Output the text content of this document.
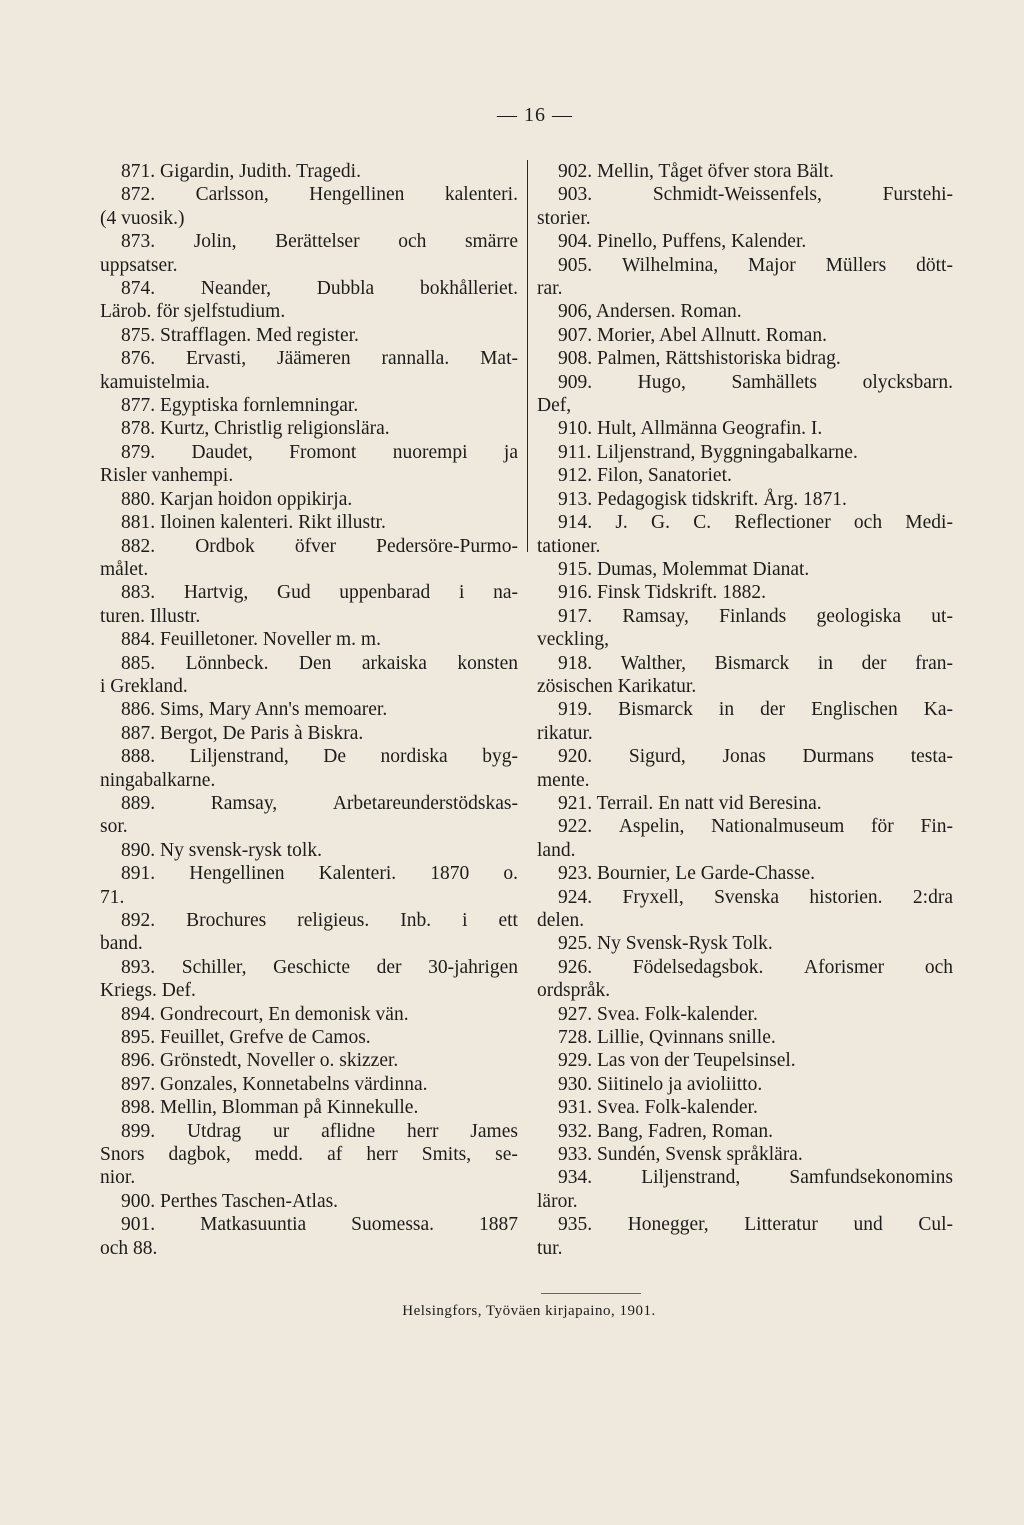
— 16 —
871. Gigardin, Judith. Tragedi.
872. Carlsson, Hengellinen kalenteri.
(4 vuosik.)
873. Jolin, Berättelser och smärre
uppsatser.
874. Neander, Dubbla bokhålleriet.
Lärob. för sjelfstudium.
875. Strafflagen. Med register.
876. Ervasti, Jäämeren rannalla. Mat-
kamuistelmia.
877. Egyptiska fornlemningar.
878. Kurtz, Christlig religionslära.
879. Daudet, Fromont nuorempi ja
Risler vanhempi.
880. Karjan hoidon oppikirja.
881. Iloinen kalenteri. Rikt illustr.
882. Ordbok öfver Pedersöre-Purmo-
målet.
883. Hartvig, Gud uppenbarad i na-
turen. Illustr.
884. Feuilletoner. Noveller m. m.
885. Lönnbeck. Den arkaiska konsten
i Grekland.
886. Sims, Mary Ann's memoarer.
887. Bergot, De Paris à Biskra.
888. Liljenstrand, De nordiska byg-
ningabalkarne.
889.	Ramsay,	Arbetareunderstödskas-
sor.
890. Ny svensk-rysk tolk.
891. Hengellinen Kalenteri. 1870 o.
71.
892. Brochures religieus. Inb. i ett
band.
893. Schiller, Geschicte der 30-jahrigen
Kriegs. Def.
894. Gondrecourt, En demonisk vän.
895. Feuillet, Grefve de Camos.
896. Grönstedt, Noveller o. skizzer.
897. Gonzales, Konnetabelns värdinna.
898. Mellin, Blomman på Kinnekulle.
899. Utdrag ur aflidne herr James
Snors dagbok, medd. af herr Smits, se-
nior.
900. Perthes Taschen-Atlas.
901. Matkasuuntia Suomessa. 1887
och 88.
902. Mellin, Tåget öfver stora Bält.
903.	Schmidt-Weissenfels,	Furstehi-
storier.
904. Pinello, Puffens, Kalender.
905. Wilhelmina, Major Müllers dött-
rar.
906, Andersen. Roman.
907. Morier, Abel Allnutt. Roman.
908. Palmen, Rättshistoriska bidrag.
909. Hugo, Samhällets olycksbarn.
Def,
910. Hult, Allmänna Geografin. I.
911. Liljenstrand, Byggningabalkarne.
912. Filon, Sanatoriet.
913. Pedagogisk tidskrift. Årg. 1871.
914. J. G. C. Reflectioner och Medi-
tationer.
915. Dumas, Molemmat Dianat.
916. Finsk Tidskrift. 1882.
917. Ramsay, Finlands geologiska ut-
veckling,
918. Walther, Bismarck in der fran-
zösischen Karikatur.
919. Bismarck in der Englischen Ka-
rikatur.
920. Sigurd, Jonas Durmans testa-
mente.
921. Terrail. En natt vid Beresina.
922. Aspelin, Nationalmuseum för Fin-
land.
923. Bournier, Le Garde-Chasse.
924. Fryxell, Svenska historien. 2:dra
delen.
925. Ny Svensk-Rysk Tolk.
926. Födelsedagsbok. Aforismer och
ordspråk.
927. Svea. Folk-kalender.
728. Lillie, Qvinnans snille.
929. Las von der Teupelsinsel.
930. Siitinelo ja avioliitto.
931. Svea. Folk-kalender.
932. Bang, Fadren, Roman.
933. Sundén, Svensk språklära.
934.	Liljenstrand,	Samfundsekonomins
läror.
935. Honegger, Litteratur und Cul-
tur.
Helsingfors, Työväen kirjapaino, 1901.
